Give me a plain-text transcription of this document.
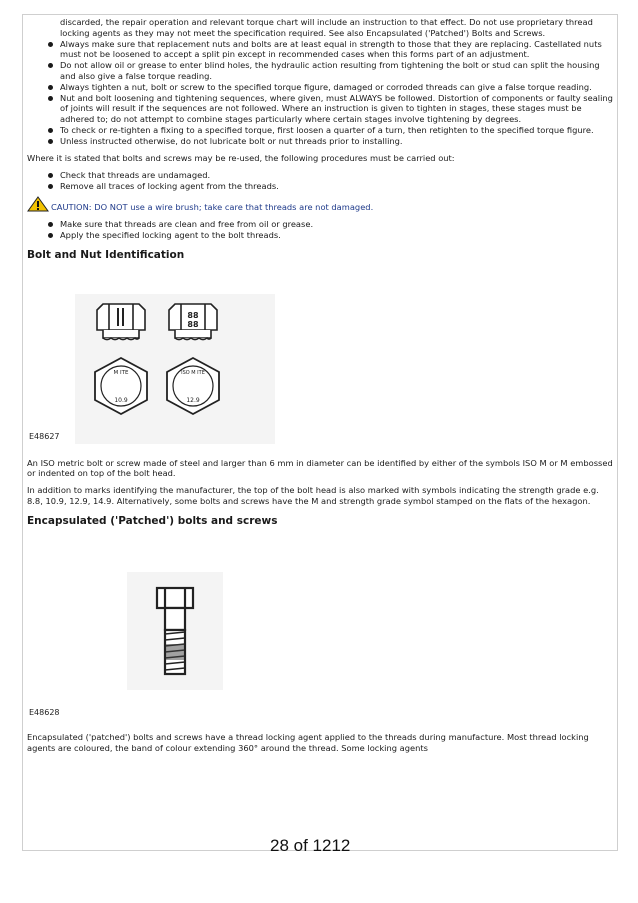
discarded, the repair operation and relevant torque chart will include an instruction to that effect. Do not use proprietary thread locking agents as they may not meet the specification required. See also Encapsulated ('Patched') Bolts and Screws.
Always make sure that replacement nuts and bolts are at least equal in strength to those that they are replacing. Castellated nuts must not be loosened to accept a split pin except in recommended cases when this forms part of an adjustment.
Do not allow oil or grease to enter blind holes, the hydraulic action resulting from tightening the bolt or stud can split the housing and also give a false torque reading.
Always tighten a nut, bolt or screw to the specified torque figure, damaged or corroded threads can give a false torque reading.
Nut and bolt loosening and tightening sequences, where given, must ALWAYS be followed. Distortion of components or faulty sealing of joints will result if the sequences are not followed. Where an instruction is given to tighten in stages, these stages must be adhered to; do not attempt to combine stages particularly where certain stages involve tightening by degrees.
To check or re-tighten a fixing to a specified torque, first loosen a quarter of a turn, then retighten to the specified torque figure.
Unless instructed otherwise, do not lubricate bolt or nut threads prior to installing.

Where it is stated that bolts and screws may be re-used, the following procedures must be carried out:

Check that threads are undamaged.
Remove all traces of locking agent from the threads.
CAUTION: DO NOT use a wire brush; take care that threads are not damaged.
Make sure that threads are clean and free from oil or grease.
Apply the specified locking agent to the bolt threads.
Bolt and Nut Identification
88
88
M ITE
10.9
ISO M ITE
12.9
E48627

An ISO metric bolt or screw made of steel and larger than 6 mm in diameter can be identified by either of the symbols ISO M or M embossed or indented on top of the bolt head.

In addition to marks identifying the manufacturer, the top of the bolt head is also marked with symbols indicating the strength grade e.g. 8.8, 10.9, 12.9, 14.9. Alternatively, some bolts and screws have the M and strength grade symbol stamped on the flats of the hexagon.

Encapsulated ('Patched') bolts and screws
E48628

Encapsulated ('patched') bolts and screws have a thread locking agent applied to the threads during manufacture. Most thread locking agents are coloured, the band of colour extending 360° around the thread. Some locking agents

28 of 1212
